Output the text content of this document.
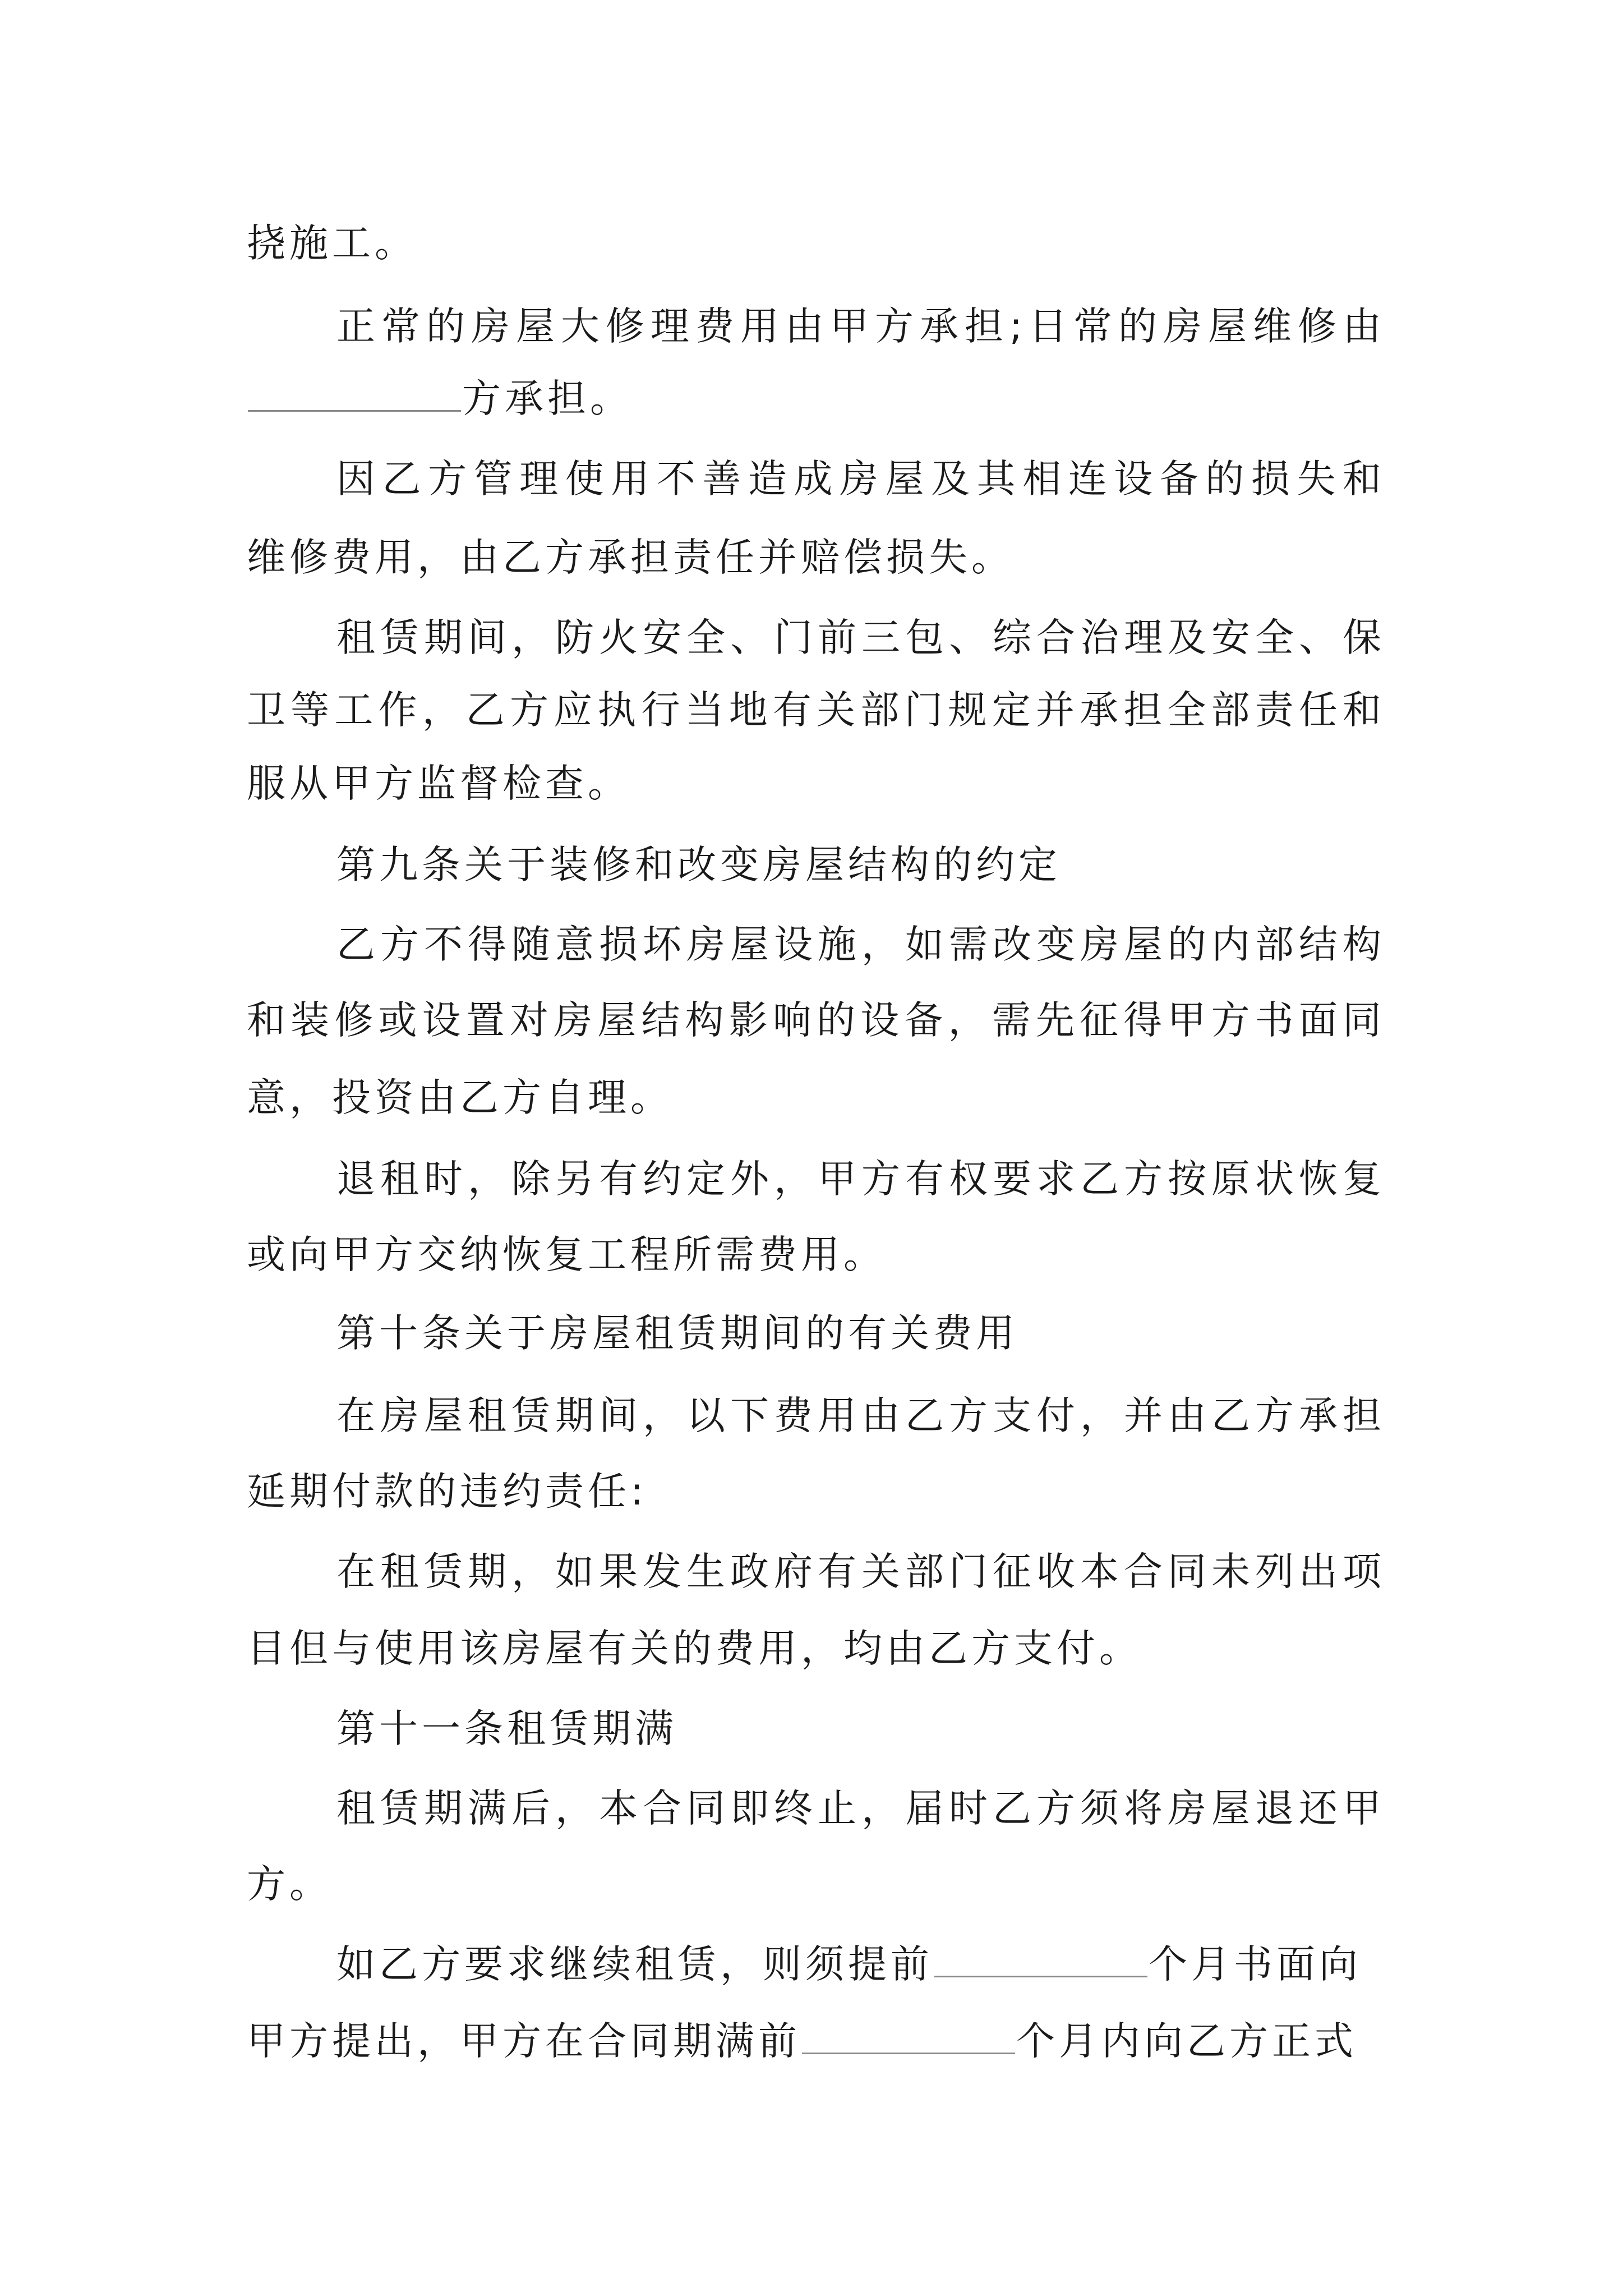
挠施工。
正常的房屋大修理费用由甲方承担;日常的房屋维修由
方承担。
因乙方管理使用不善造成房屋及其相连设备的损失和
维修费用，由乙方承担责任并赔偿损失。
租赁期间，防火安全、门前三包、综合治理及安全、保
卫等工作，乙方应执行当地有关部门规定并承担全部责任和
服从甲方监督检查。
第九条关于装修和改变房屋结构的约定
乙方不得随意损坏房屋设施，如需改变房屋的内部结构
和装修或设置对房屋结构影响的设备，需先征得甲方书面同
意，投资由乙方自理。
退租时，除另有约定外，甲方有权要求乙方按原状恢复
或向甲方交纳恢复工程所需费用。
第十条关于房屋租赁期间的有关费用
在房屋租赁期间，以下费用由乙方支付，并由乙方承担
延期付款的违约责任:
在租赁期，如果发生政府有关部门征收本合同未列出项
目但与使用该房屋有关的费用，均由乙方支付。
第十一条租赁期满
租赁期满后，本合同即终止，届时乙方须将房屋退还甲
方。
如乙方要求继续租赁，则须提前	个月书面向
甲方提出，甲方在合同期满前	个月内向乙方正式
